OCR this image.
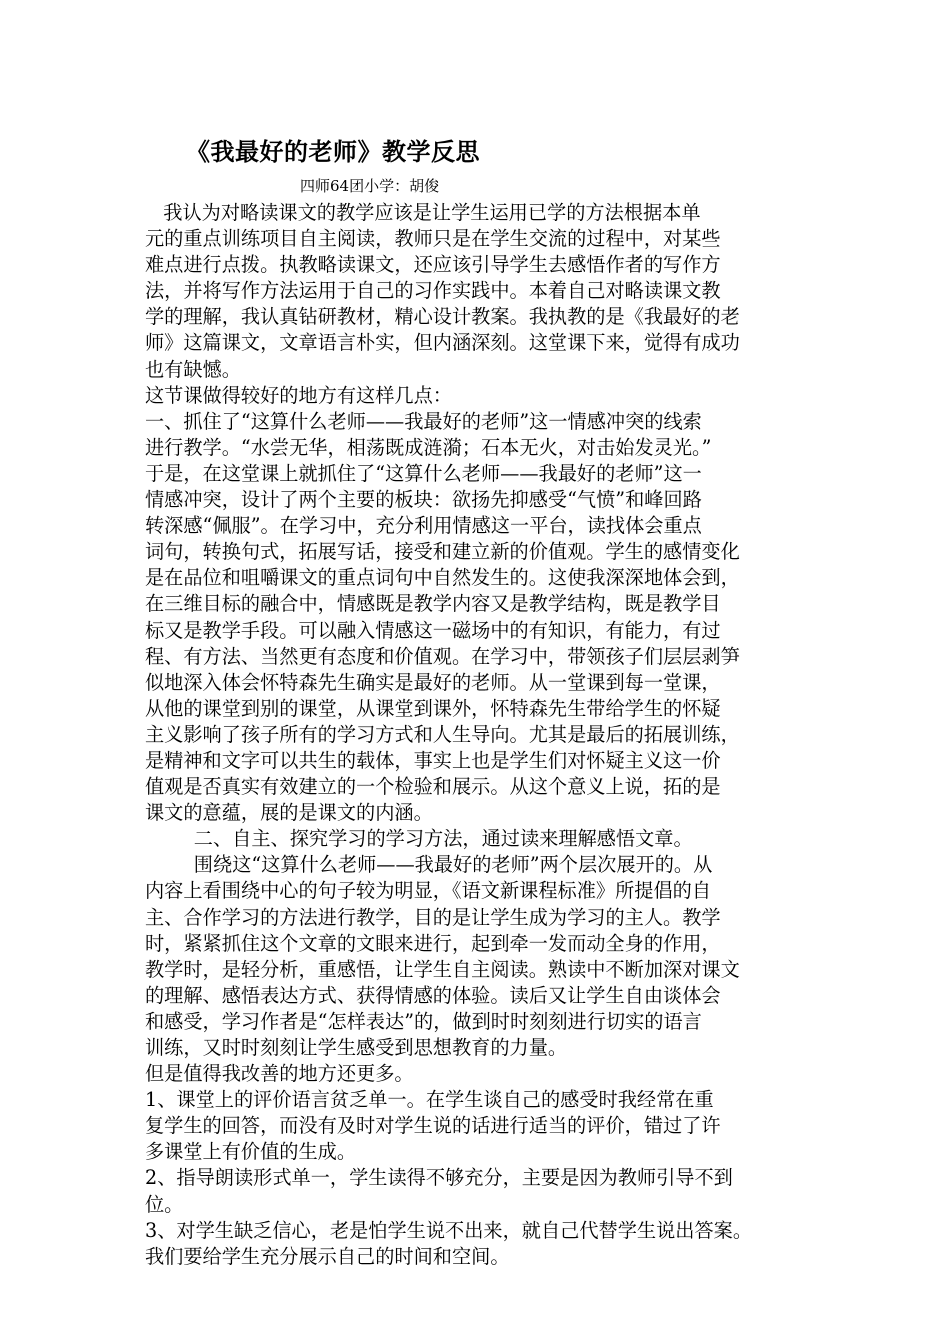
《我最好的老师》教学反思
四师64团小学：胡俊
我认为对略读课文的教学应该是让学生运用已学的方法根据本单
元的重点训练项目自主阅读，教师只是在学生交流的过程中，对某些
难点进行点拨。执教略读课文，还应该引导学生去感悟作者的写作方
法，并将写作方法运用于自己的习作实践中。本着自己对略读课文教
学的理解，我认真钻研教材，精心设计教案。我执教的是《我最好的老
师》这篇课文，文章语言朴实，但内涵深刻。这堂课下来，觉得有成功
也有缺憾。
这节课做得较好的地方有这样几点：
一、抓住了“这算什么老师——我最好的老师”这一情感冲突的线索
进行教学。“水尝无华，相荡既成涟漪；石本无火，对击始发灵光。”
于是，在这堂课上就抓住了“这算什么老师——我最好的老师”这一
情感冲突，设计了两个主要的板块：欲扬先抑感受“气愤”和峰回路
转深感“佩服”。在学习中，充分利用情感这一平台，读找体会重点
词句，转换句式，拓展写话，接受和建立新的价值观。学生的感情变化
是在品位和咀嚼课文的重点词句中自然发生的。这使我深深地体会到，
在三维目标的融合中，情感既是教学内容又是教学结构，既是教学目
标又是教学手段。可以融入情感这一磁场中的有知识，有能力，有过
程、有方法、当然更有态度和价值观。在学习中，带领孩子们层层剥笋
似地深入体会怀特森先生确实是最好的老师。从一堂课到每一堂课，
从他的课堂到别的课堂，从课堂到课外，怀特森先生带给学生的怀疑
主义影响了孩子所有的学习方式和人生导向。尤其是最后的拓展训练，
是精神和文字可以共生的载体，事实上也是学生们对怀疑主义这一价
值观是否真实有效建立的一个检验和展示。从这个意义上说，拓的是
课文的意蕴，展的是课文的内涵。
二、自主、探究学习的学习方法，通过读来理解感悟文章。
围绕这“这算什么老师——我最好的老师”两个层次展开的。从
内容上看围绕中心的句子较为明显，《语文新课程标准》所提倡的自
主、合作学习的方法进行教学，目的是让学生成为学习的主人。教学
时，紧紧抓住这个文章的文眼来进行，起到牵一发而动全身的作用，
教学时，是轻分析，重感悟，让学生自主阅读。熟读中不断加深对课文
的理解、感悟表达方式、获得情感的体验。读后又让学生自由谈体会
和感受，学习作者是“怎样表达”的，做到时时刻刻进行切实的语言
训练，又时时刻刻让学生感受到思想教育的力量。
但是值得我改善的地方还更多。
1、课堂上的评价语言贫乏单一。在学生谈自己的感受时我经常在重
复学生的回答，而没有及时对学生说的话进行适当的评价，错过了许
多课堂上有价值的生成。
2、指导朗读形式单一，学生读得不够充分，主要是因为教师引导不到
位。
3、对学生缺乏信心，老是怕学生说不出来，就自己代替学生说出答案。
我们要给学生充分展示自己的时间和空间。
